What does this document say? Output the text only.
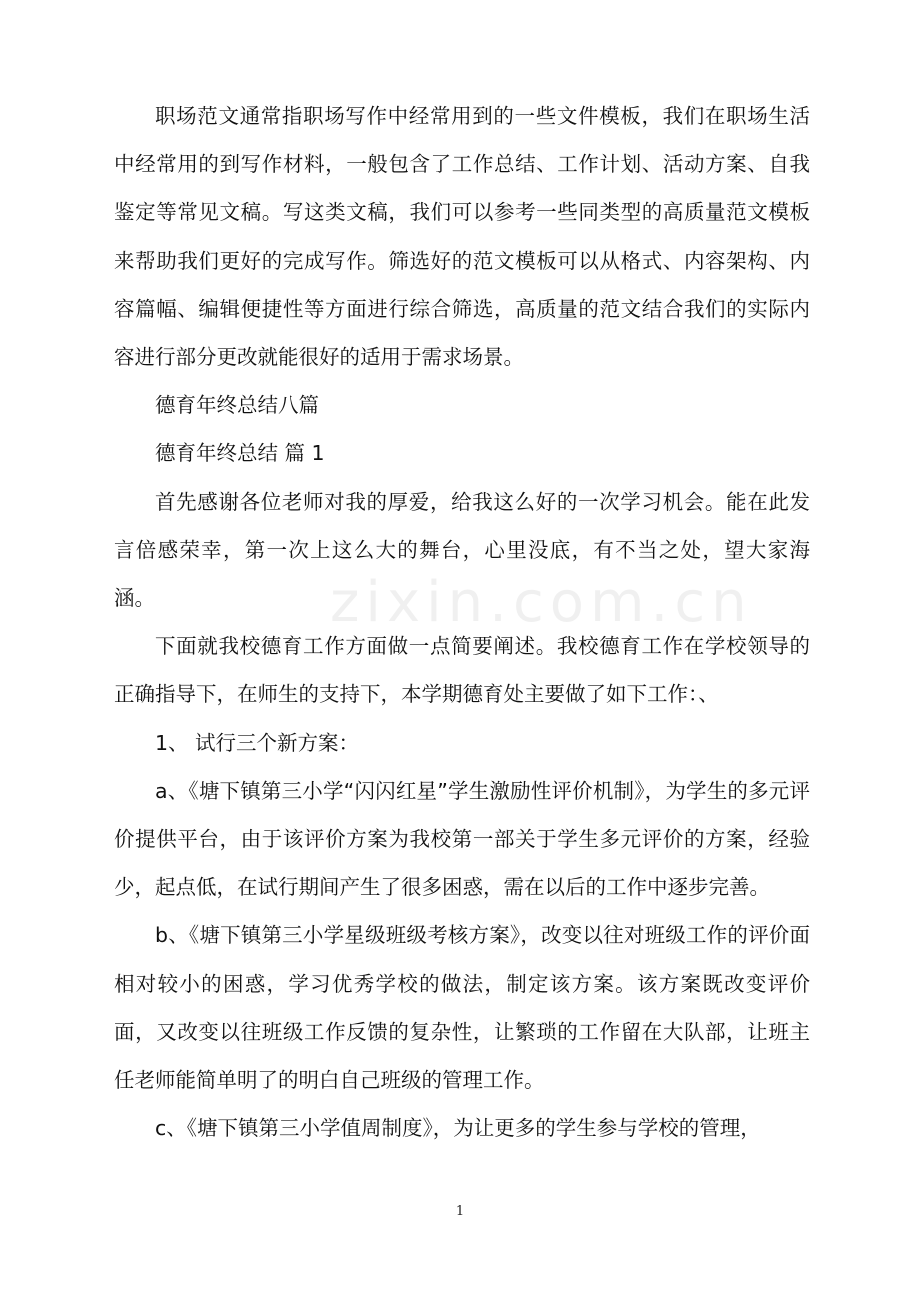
职场范文通常指职场写作中经常用到的一些文件模板，我们在职场生活中经常用的到写作材料，一般包含了工作总结、工作计划、活动方案、自我鉴定等常见文稿。写这类文稿，我们可以参考一些同类型的高质量范文模板来帮助我们更好的完成写作。筛选好的范文模板可以从格式、内容架构、内容篇幅、编辑便捷性等方面进行综合筛选，高质量的范文结合我们的实际内容进行部分更改就能很好的适用于需求场景。

德育年终总结八篇

德育年终总结 篇 1

首先感谢各位老师对我的厚爱，给我这么好的一次学习机会。能在此发言倍感荣幸，第一次上这么大的舞台，心里没底，有不当之处，望大家海涵。

下面就我校德育工作方面做一点简要阐述。我校德育工作在学校领导的正确指导下，在师生的支持下，本学期德育处主要做了如下工作：、

1、 试行三个新方案：

a、《塘下镇第三小学“闪闪红星”学生激励性评价机制》，为学生的多元评价提供平台，由于该评价方案为我校第一部关于学生多元评价的方案，经验少，起点低，在试行期间产生了很多困惑，需在以后的工作中逐步完善。

b、《塘下镇第三小学星级班级考核方案》，改变以往对班级工作的评价面相对较小的困惑，学习优秀学校的做法，制定该方案。该方案既改变评价面，又改变以往班级工作反馈的复杂性，让繁琐的工作留在大队部，让班主任老师能简单明了的明白自己班级的管理工作。

c、《塘下镇第三小学值周制度》，为让更多的学生参与学校的管理，

zixin.com.cn
1
